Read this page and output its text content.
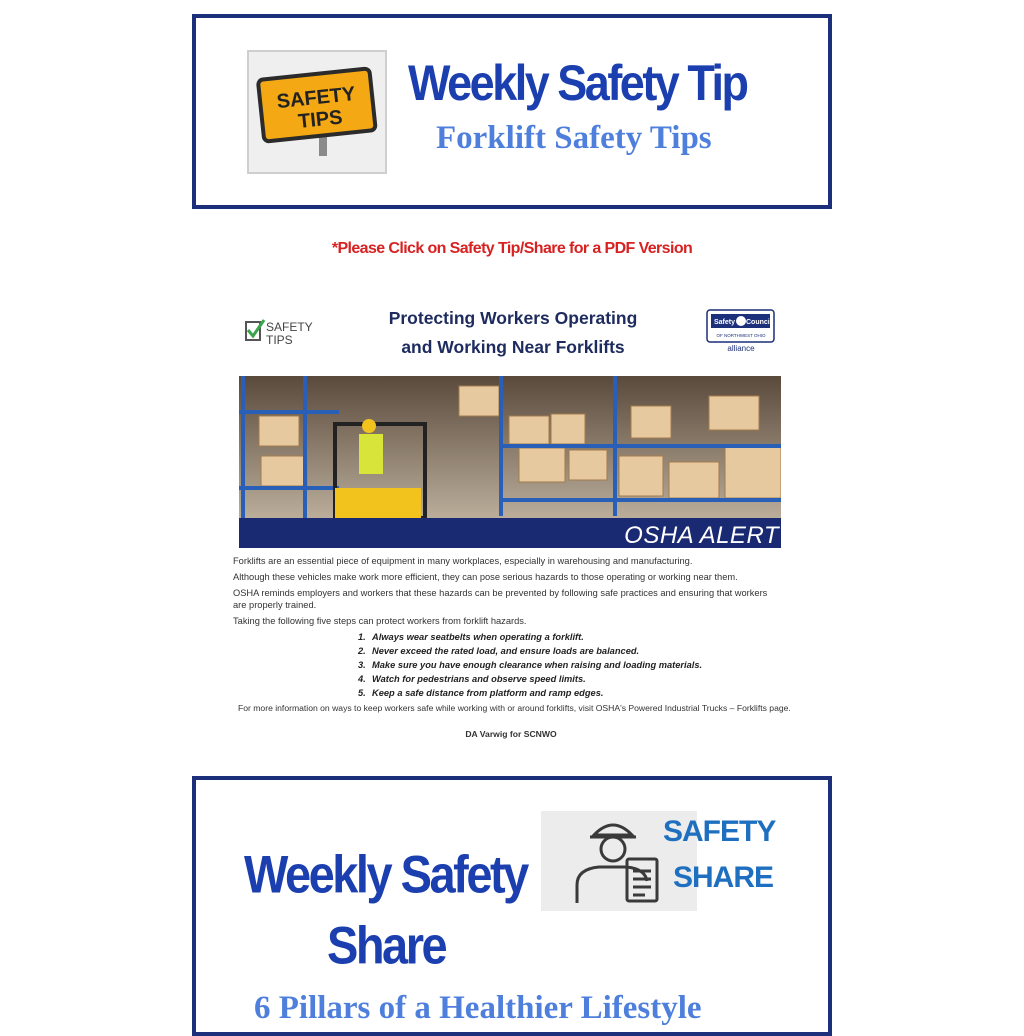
SAFETY
TIPS
Weekly Safety Tip
Forklift Safety Tips
*Please Click on Safety Tip/Share for a PDF Version
SAFETY
TIPS
Protecting Workers Operating
and Working Near Forklifts
Safety Council
OF NORTHWEST OHIO
alliance
OSHA ALERT
Forklifts are an essential piece of equipment in many workplaces, especially in warehousing and manufacturing.
Although these vehicles make work more efficient, they can pose serious hazards to those operating or working near them.
OSHA reminds employers and workers that these hazards can be prevented by following safe practices and ensuring that workers are properly trained.
Taking the following five steps can protect workers from forklift hazards.
1. Always wear seatbelts when operating a forklift.
2. Never exceed the rated load, and ensure loads are balanced.
3. Make sure you have enough clearance when raising and loading materials.
4. Watch for pedestrians and observe speed limits.
5. Keep a safe distance from platform and ramp edges.
For more information on ways to keep workers safe while working with or around forklifts, visit OSHA's Powered Industrial Trucks – Forklifts page.
DA Varwig for SCNWO
Weekly Safety
Share
SAFETY
SHARE
6 Pillars of a Healthier Lifestyle
